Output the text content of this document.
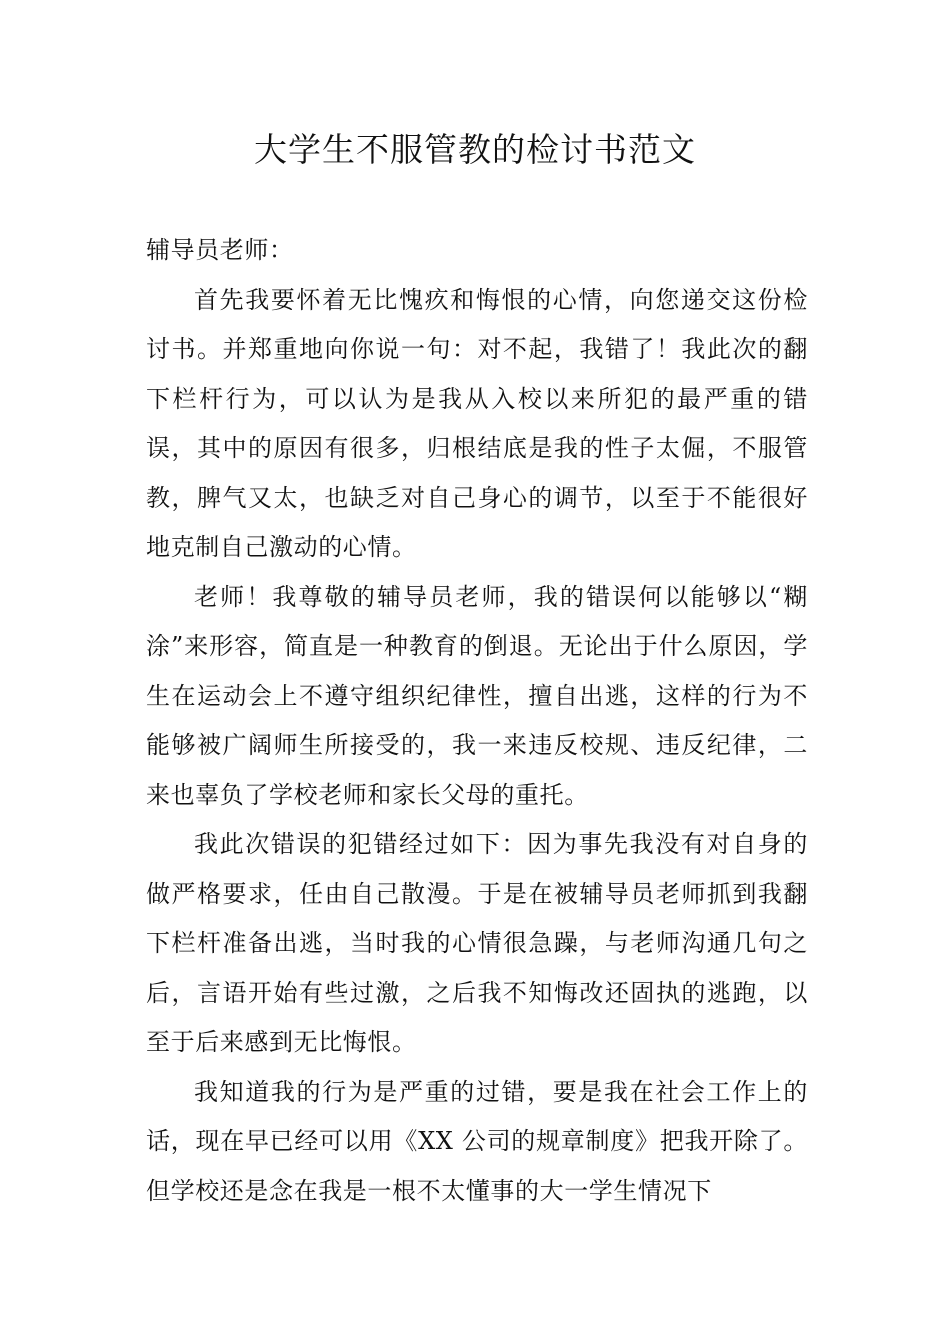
大学生不服管教的检讨书范文

辅导员老师：

首先我要怀着无比愧疚和悔恨的心情，向您递交这份检讨书。并郑重地向你说一句：对不起，我错了！我此次的翻下栏杆行为，可以认为是我从入校以来所犯的最严重的错误，其中的原因有很多，归根结底是我的性子太倔，不服管教，脾气又太，也缺乏对自己身心的调节，以至于不能很好地克制自己激动的心情。

老师！我尊敬的辅导员老师，我的错误何以能够以“糊涂”来形容，简直是一种教育的倒退。无论出于什么原因，学生在运动会上不遵守组织纪律性，擅自出逃，这样的行为不能够被广阔师生所接受的，我一来违反校规、违反纪律，二来也辜负了学校老师和家长父母的重托。

我此次错误的犯错经过如下：因为事先我没有对自身的做严格要求，任由自己散漫。于是在被辅导员老师抓到我翻下栏杆准备出逃，当时我的心情很急躁，与老师沟通几句之后，言语开始有些过激，之后我不知悔改还固执的逃跑，以至于后来感到无比悔恨。

我知道我的行为是严重的过错，要是我在社会工作上的话，现在早已经可以用《XX 公司的规章制度》把我开除了。但学校还是念在我是一根不太懂事的大一学生情况下
